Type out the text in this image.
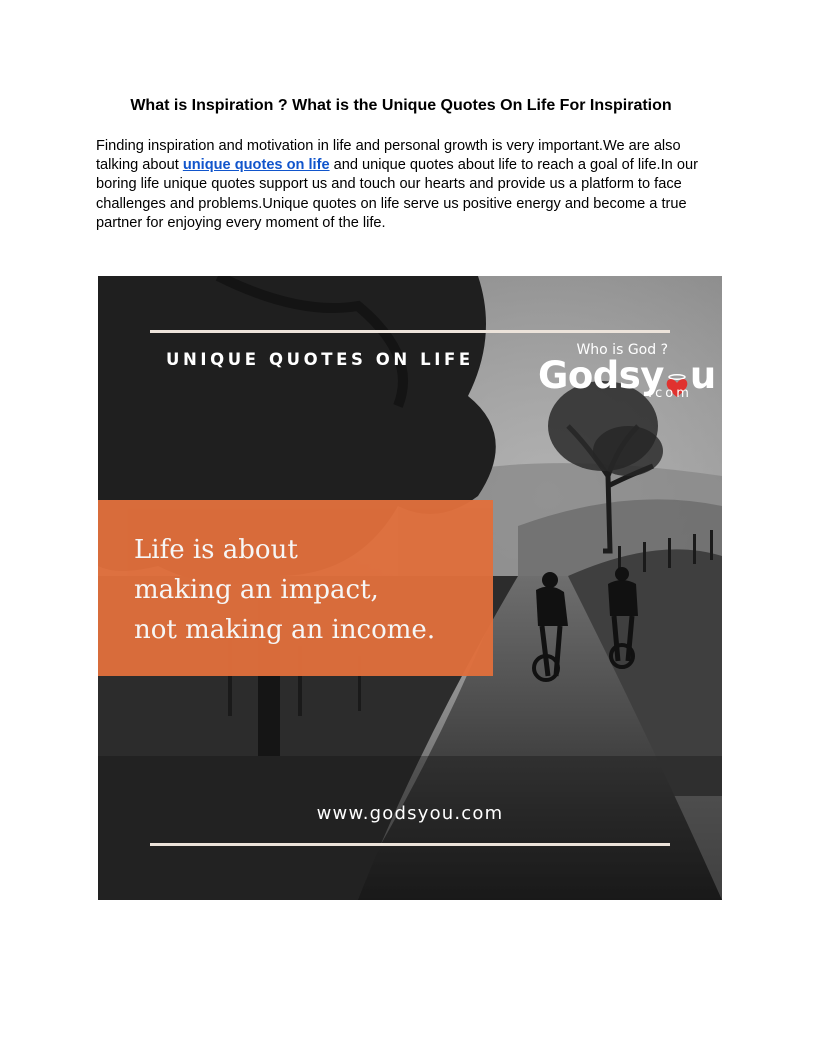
What is Inspiration ? What is the Unique Quotes On Life For Inspiration

Finding inspiration and motivation in life and personal growth is very important.We are also talking about unique quotes on life and unique quotes about life to reach a goal of life.In our boring life unique quotes support us and touch our hearts and provide us a platform to face challenges and problems.Unique quotes on life serve us positive energy and become a true partner for enjoying every moment of the life.

UNIQUE QUOTES ON LIFE	Who is God ?
Godsy u
.com

Life is about
making an impact,
not making an income.

www.godsyou.com
